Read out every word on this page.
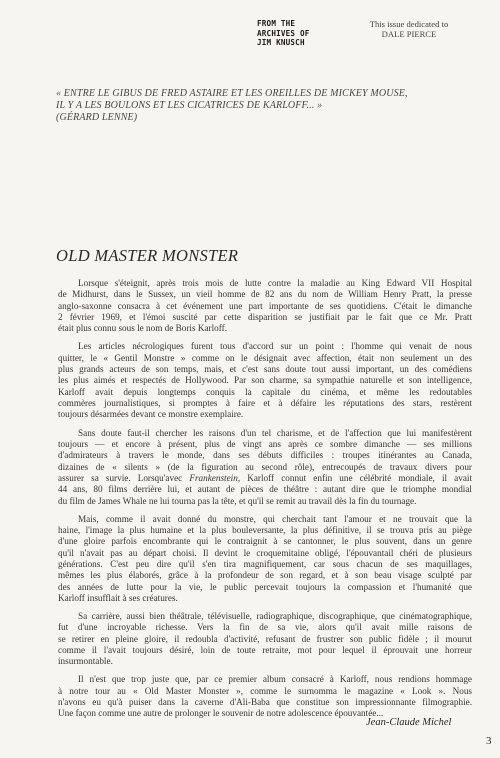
FROM THE
ARCHIVES OF
JIM KNUSCH
This issue dedicated to
DALE PIERCE
« ENTRE LE GIBUS DE FRED ASTAIRE ET LES OREILLES DE MICKEY MOUSE,
IL Y A LES BOULONS ET LES CICATRICES DE KARLOFF... »
(GÉRARD LENNE)
OLD MASTER MONSTER
Lorsque s'éteignit, après trois mois de lutte contre la maladie au King Edward VII Hospital
de Midhurst, dans le Sussex, un vieil homme de 82 ans du nom de William Henry Pratt, la presse
anglo-saxonne consacra à cet événement une part importante de ses quotidiens. C'était le dimanche
2 février 1969, et l'émoi suscité par cette disparition se justifiait par le fait que ce Mr. Pratt
était plus connu sous le nom de Boris Karloff.
Les articles nécrologiques furent tous d'accord sur un point : l'homme qui venait de nous
quitter, le « Gentil Monstre » comme on le désignait avec affection, était non seulement un des
plus grands acteurs de son temps, mais, et c'est sans doute tout aussi important, un des comédiens
les plus aimés et respectés de Hollywood. Par son charme, sa sympathie naturelle et son intelligence,
Karloff avait depuis longtemps conquis la capitale du cinéma, et même les redoutables
commères journalistiques, si promptes à faire et à défaire les réputations des stars, restèrent
toujours désarmées devant ce monstre exemplaire.
Sans doute faut-il chercher les raisons d'un tel charisme, et de l'affection que lui manifestèrent
toujours — et encore à présent, plus de vingt ans après ce sombre dimanche — ses millions
d'admirateurs à travers le monde, dans ses débuts difficiles : troupes itinérantes au Canada,
dizaines de « silents » (de la figuration au second rôle), entrecoupés de travaux divers pour
assurer sa survie. Lorsqu'avec Frankenstein, Karloff connut enfin une célébrité mondiale, il avait
44 ans, 80 films derrière lui, et autant de pièces de théâtre : autant dire que le triomphe mondial
du film de James Whale ne lui tourna pas la tête, et qu'il se remit au travail dès la fin du tournage.
Mais, comme il avait donné du monstre, qui cherchait tant l'amour et ne trouvait que la
haine, l'image la plus humaine et la plus bouleversante, la plus définitive, il se trouva pris au piège
d'une gloire parfois encombrante qui le contraignit à se cantonner, le plus souvent, dans un genre
qu'il n'avait pas au départ choisi. Il devint le croquemitaine obligé, l'épouvantail chéri de plusieurs
générations. C'est peu dire qu'il s'en tira magnifiquement, car sous chacun de ses maquillages,
mêmes les plus élaborés, grâce à la profondeur de son regard, et à son beau visage sculpté par
des années de lutte pour la vie, le public percevait toujours la compassion et l'humanité que
Karloff insufflait à ses créatures.
Sa carrière, aussi bien théâtrale, télévisuelle, radiographique, discographique, que cinématographique,
fut d'une incroyable richesse. Vers la fin de sa vie, alors qu'il avait mille raisons de
se retirer en pleine gloire, il redoubla d'activité, refusant de frustrer son public fidèle ; il mourut
comme il l'avait toujours désiré, loin de toute retraite, mot pour lequel il éprouvait une horreur
insurmontable.
Il n'est que trop juste que, par ce premier album consacré à Karloff, nous rendions hommage
à notre tour au « Old Master Monster », comme le surnomma le magazine « Look ». Nous
n'avons eu qu'à puiser dans la caverne d'Ali-Baba que constitue son impressionnante filmographie.
Une façon comme une autre de prolonger le souvenir de notre adolescence épouvantée...
Jean-Claude Michel
3
